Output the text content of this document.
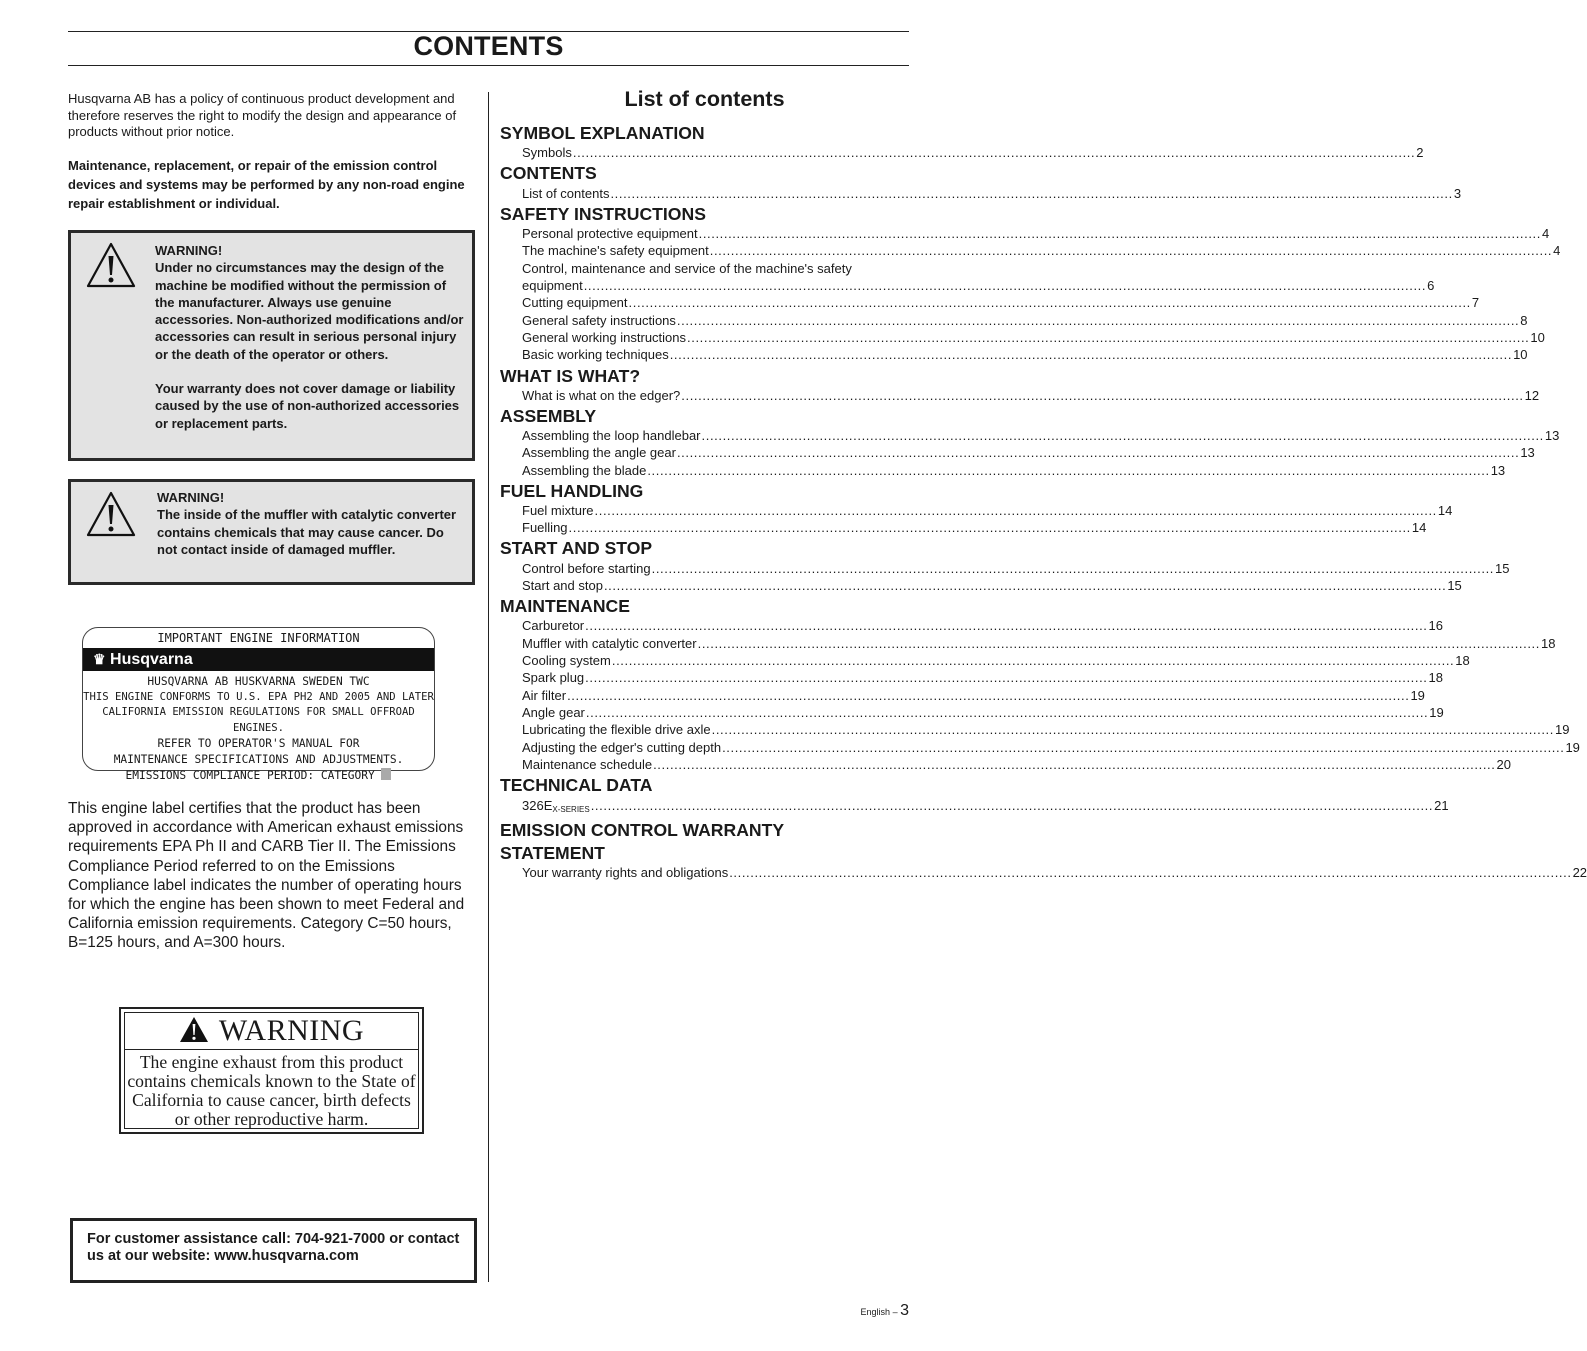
CONTENTS
Husqvarna AB has a policy of continuous product development and therefore reserves the right to modify the design and appearance of products without prior notice.
Maintenance, replacement, or repair of the emission control devices and systems may be performed by any non-road engine repair establishment or individual.
WARNING!
Under no circumstances may the design of the machine be modified without the permission of the manufacturer. Always use genuine accessories. Non-authorized modifications and/or accessories can result in serious personal injury or the death of the operator or others.
Your warranty does not cover damage or liability caused by the use of non-authorized accessories or replacement parts.
WARNING!
The inside of the muffler with catalytic converter contains chemicals that may cause cancer. Do not contact inside of damaged muffler.
IMPORTANT ENGINE INFORMATION
♛ Husqvarna
HUSQVARNA AB HUSKVARNA SWEDEN TWC
THIS ENGINE CONFORMS TO U.S. EPA PH2 AND 2005 AND LATER
CALIFORNIA EMISSION REGULATIONS FOR SMALL OFFROAD ENGINES.
REFER TO OPERATOR'S MANUAL FOR
MAINTENANCE SPECIFICATIONS AND ADJUSTMENTS.
EMISSIONS COMPLIANCE PERIOD: CATEGORY
This engine label certifies that the product has been approved in accordance with American exhaust emissions requirements EPA Ph II and CARB Tier II. The Emissions Compliance Period referred to on the Emissions Compliance label indicates the number of operating hours for which the engine has been shown to meet Federal and California emission requirements. Category C=50 hours, B=125 hours, and A=300 hours.
WARNING
The engine exhaust from this product contains chemicals known to the State of California to cause cancer, birth defects or other reproductive harm.
For customer assistance call: 704-921-7000 or contact us at our website: www.husqvarna.com
List of contents
SYMBOL EXPLANATION
Symbols .....	2
CONTENTS
List of contents .....	3
SAFETY INSTRUCTIONS
Personal protective equipment .....	4
The machine's safety equipment .....	4
Control, maintenance and service of the machine's safety
equipment .....	6
Cutting equipment .....	7
General safety instructions .....	8
General working instructions .....	10
Basic working techniques .....	10
WHAT IS WHAT?
What is what on the edger? .....	12
ASSEMBLY
Assembling the loop handlebar .....	13
Assembling the angle gear .....	13
Assembling the blade .....	13
FUEL HANDLING
Fuel mixture .....	14
Fuelling .....	14
START AND STOP
Control before starting .....	15
Start and stop .....	15
MAINTENANCE
Carburetor .....	16
Muffler with catalytic converter .....	18
Cooling system .....	18
Spark plug .....	18
Air filter .....	19
Angle gear .....	19
Lubricating the flexible drive axle .....	19
Adjusting the edger's cutting depth .....	19
Maintenance schedule .....	20
TECHNICAL DATA
$326E_{X-SERIES}$ .....	21
EMISSION CONTROL WARRANTY
STATEMENT
Your warranty rights and obligations .....	22
English – 3
